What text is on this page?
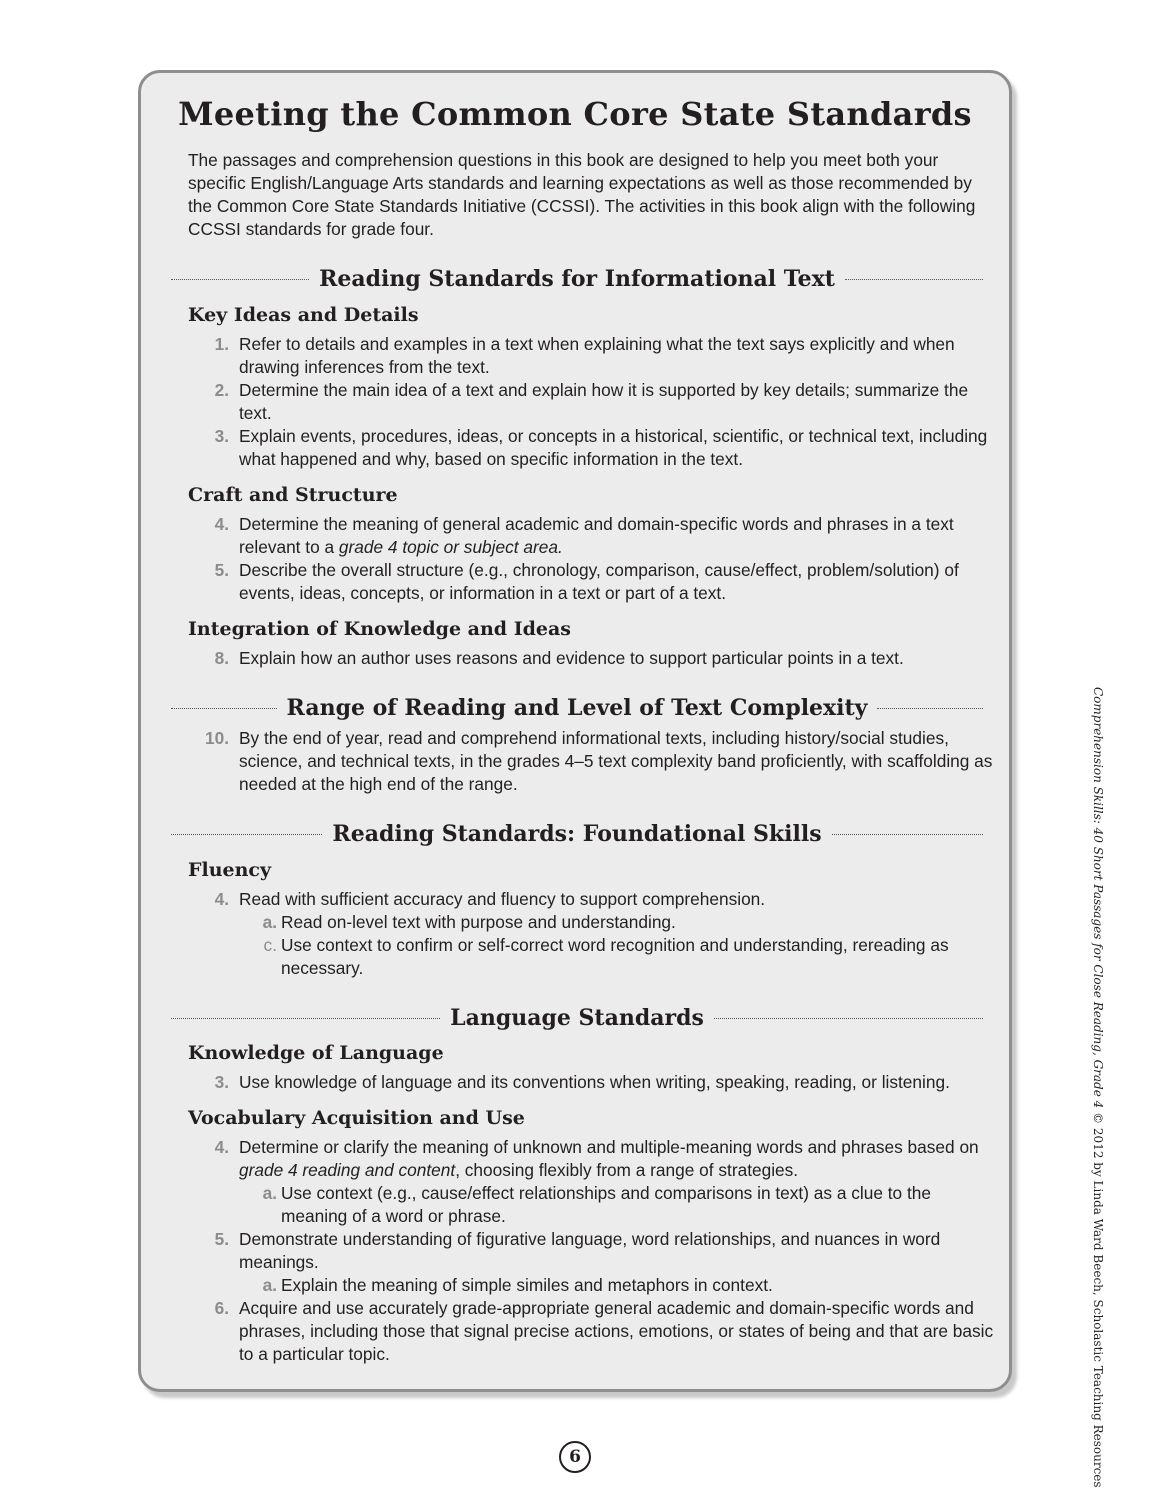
Meeting the Common Core State Standards

The passages and comprehension questions in this book are designed to help you meet both your specific English/Language Arts standards and learning expectations as well as those recommended by the Common Core State Standards Initiative (CCSSI). The activities in this book align with the following CCSSI standards for grade four.

Reading Standards for Informational Text
Key Ideas and Details

1. Refer to details and examples in a text when explaining what the text says explicitly and when drawing inferences from the text.

2. Determine the main idea of a text and explain how it is supported by key details; summarize the text.

3. Explain events, procedures, ideas, or concepts in a historical, scientific, or technical text, including what happened and why, based on specific information in the text.

Craft and Structure

4. Determine the meaning of general academic and domain-specific words and phrases in a text relevant to a grade 4 topic or subject area.

5. Describe the overall structure (e.g., chronology, comparison, cause/effect, problem/solution) of events, ideas, concepts, or information in a text or part of a text.

Integration of Knowledge and Ideas

8. Explain how an author uses reasons and evidence to support particular points in a text.

Range of Reading and Level of Text Complexity

10. By the end of year, read and comprehend informational texts, including history/social studies, science, and technical texts, in the grades 4–5 text complexity band proficiently, with scaffolding as needed at the high end of the range.

Reading Standards: Foundational Skills
Fluency

4. Read with sufficient accuracy and fluency to support comprehension.

a. Read on-level text with purpose and understanding.

c. Use context to confirm or self-correct word recognition and understanding, rereading as necessary.

Language Standards
Knowledge of Language

3. Use knowledge of language and its conventions when writing, speaking, reading, or listening.

Vocabulary Acquisition and Use

4. Determine or clarify the meaning of unknown and multiple-meaning words and phrases based on grade 4 reading and content, choosing flexibly from a range of strategies.

a. Use context (e.g., cause/effect relationships and comparisons in text) as a clue to the meaning of a word or phrase.

5. Demonstrate understanding of figurative language, word relationships, and nuances in word meanings.

a. Explain the meaning of simple similes and metaphors in context.

6. Acquire and use accurately grade-appropriate general academic and domain-specific words and phrases, including those that signal precise actions, emotions, or states of being and that are basic to a particular topic.

Comprehension Skills: 40 Short Passages for Close Reading, Grade 4 © 2012 by Linda Ward Beech, Scholastic Teaching Resources
6
